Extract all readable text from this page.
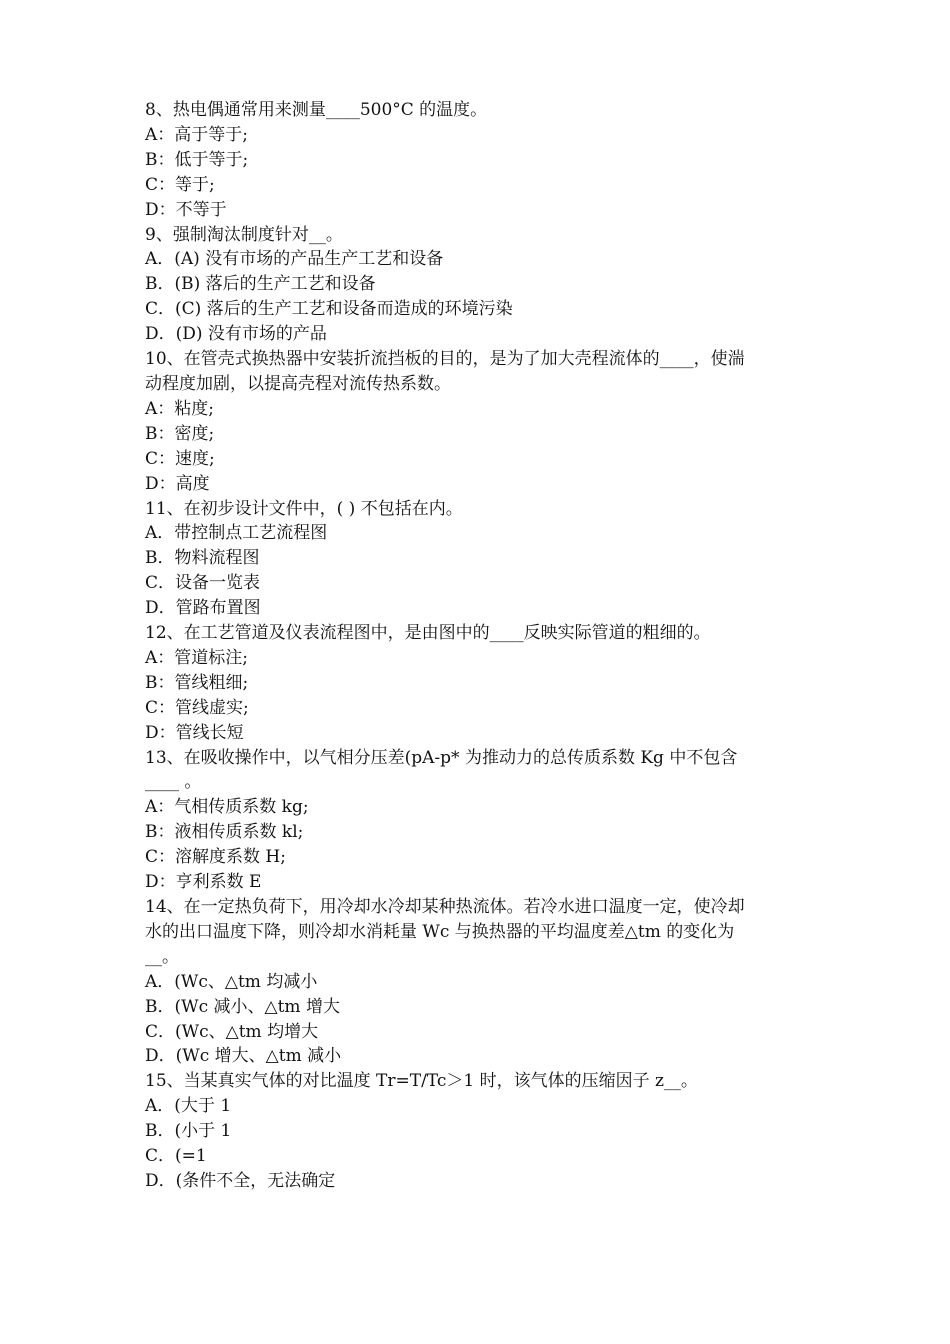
8、热电偶通常用来测量____500°C 的温度。
A：高于等于;
B：低于等于;
C：等于;
D：不等于
9、强制淘汰制度针对__。
A．(A) 没有市场的产品生产工艺和设备
B．(B) 落后的生产工艺和设备
C．(C) 落后的生产工艺和设备而造成的环境污染
D．(D) 没有市场的产品
10、在管壳式换热器中安装折流挡板的目的，是为了加大壳程流体的____，使湍
动程度加剧，以提高壳程对流传热系数。
A：粘度;
B：密度;
C：速度;
D：高度
11、在初步设计文件中，( ) 不包括在内。
A．带控制点工艺流程图
B．物料流程图
C．设备一览表
D．管路布置图
12、在工艺管道及仪表流程图中，是由图中的____反映实际管道的粗细的。
A：管道标注;
B：管线粗细;
C：管线虚实;
D：管线长短
13、在吸收操作中，以气相分压差(pA-p* 为推动力的总传质系数 Kg 中不包含
____ 。
A：气相传质系数 kg;
B：液相传质系数 kl;
C：溶解度系数 H;
D：亨利系数 E
14、在一定热负荷下，用冷却水冷却某种热流体。若冷水进口温度一定，使冷却
水的出口温度下降，则冷却水消耗量 Wc 与换热器的平均温度差△tm 的变化为
__。
A．(Wc、△tm 均减小
B．(Wc 减小、△tm 增大
C．(Wc、△tm 均增大
D．(Wc 增大、△tm 减小
15、当某真实气体的对比温度 Tr=T/Tc＞1 时，该气体的压缩因子 z__。
A．(大于 1
B．(小于 1
C．(=1
D．(条件不全，无法确定
